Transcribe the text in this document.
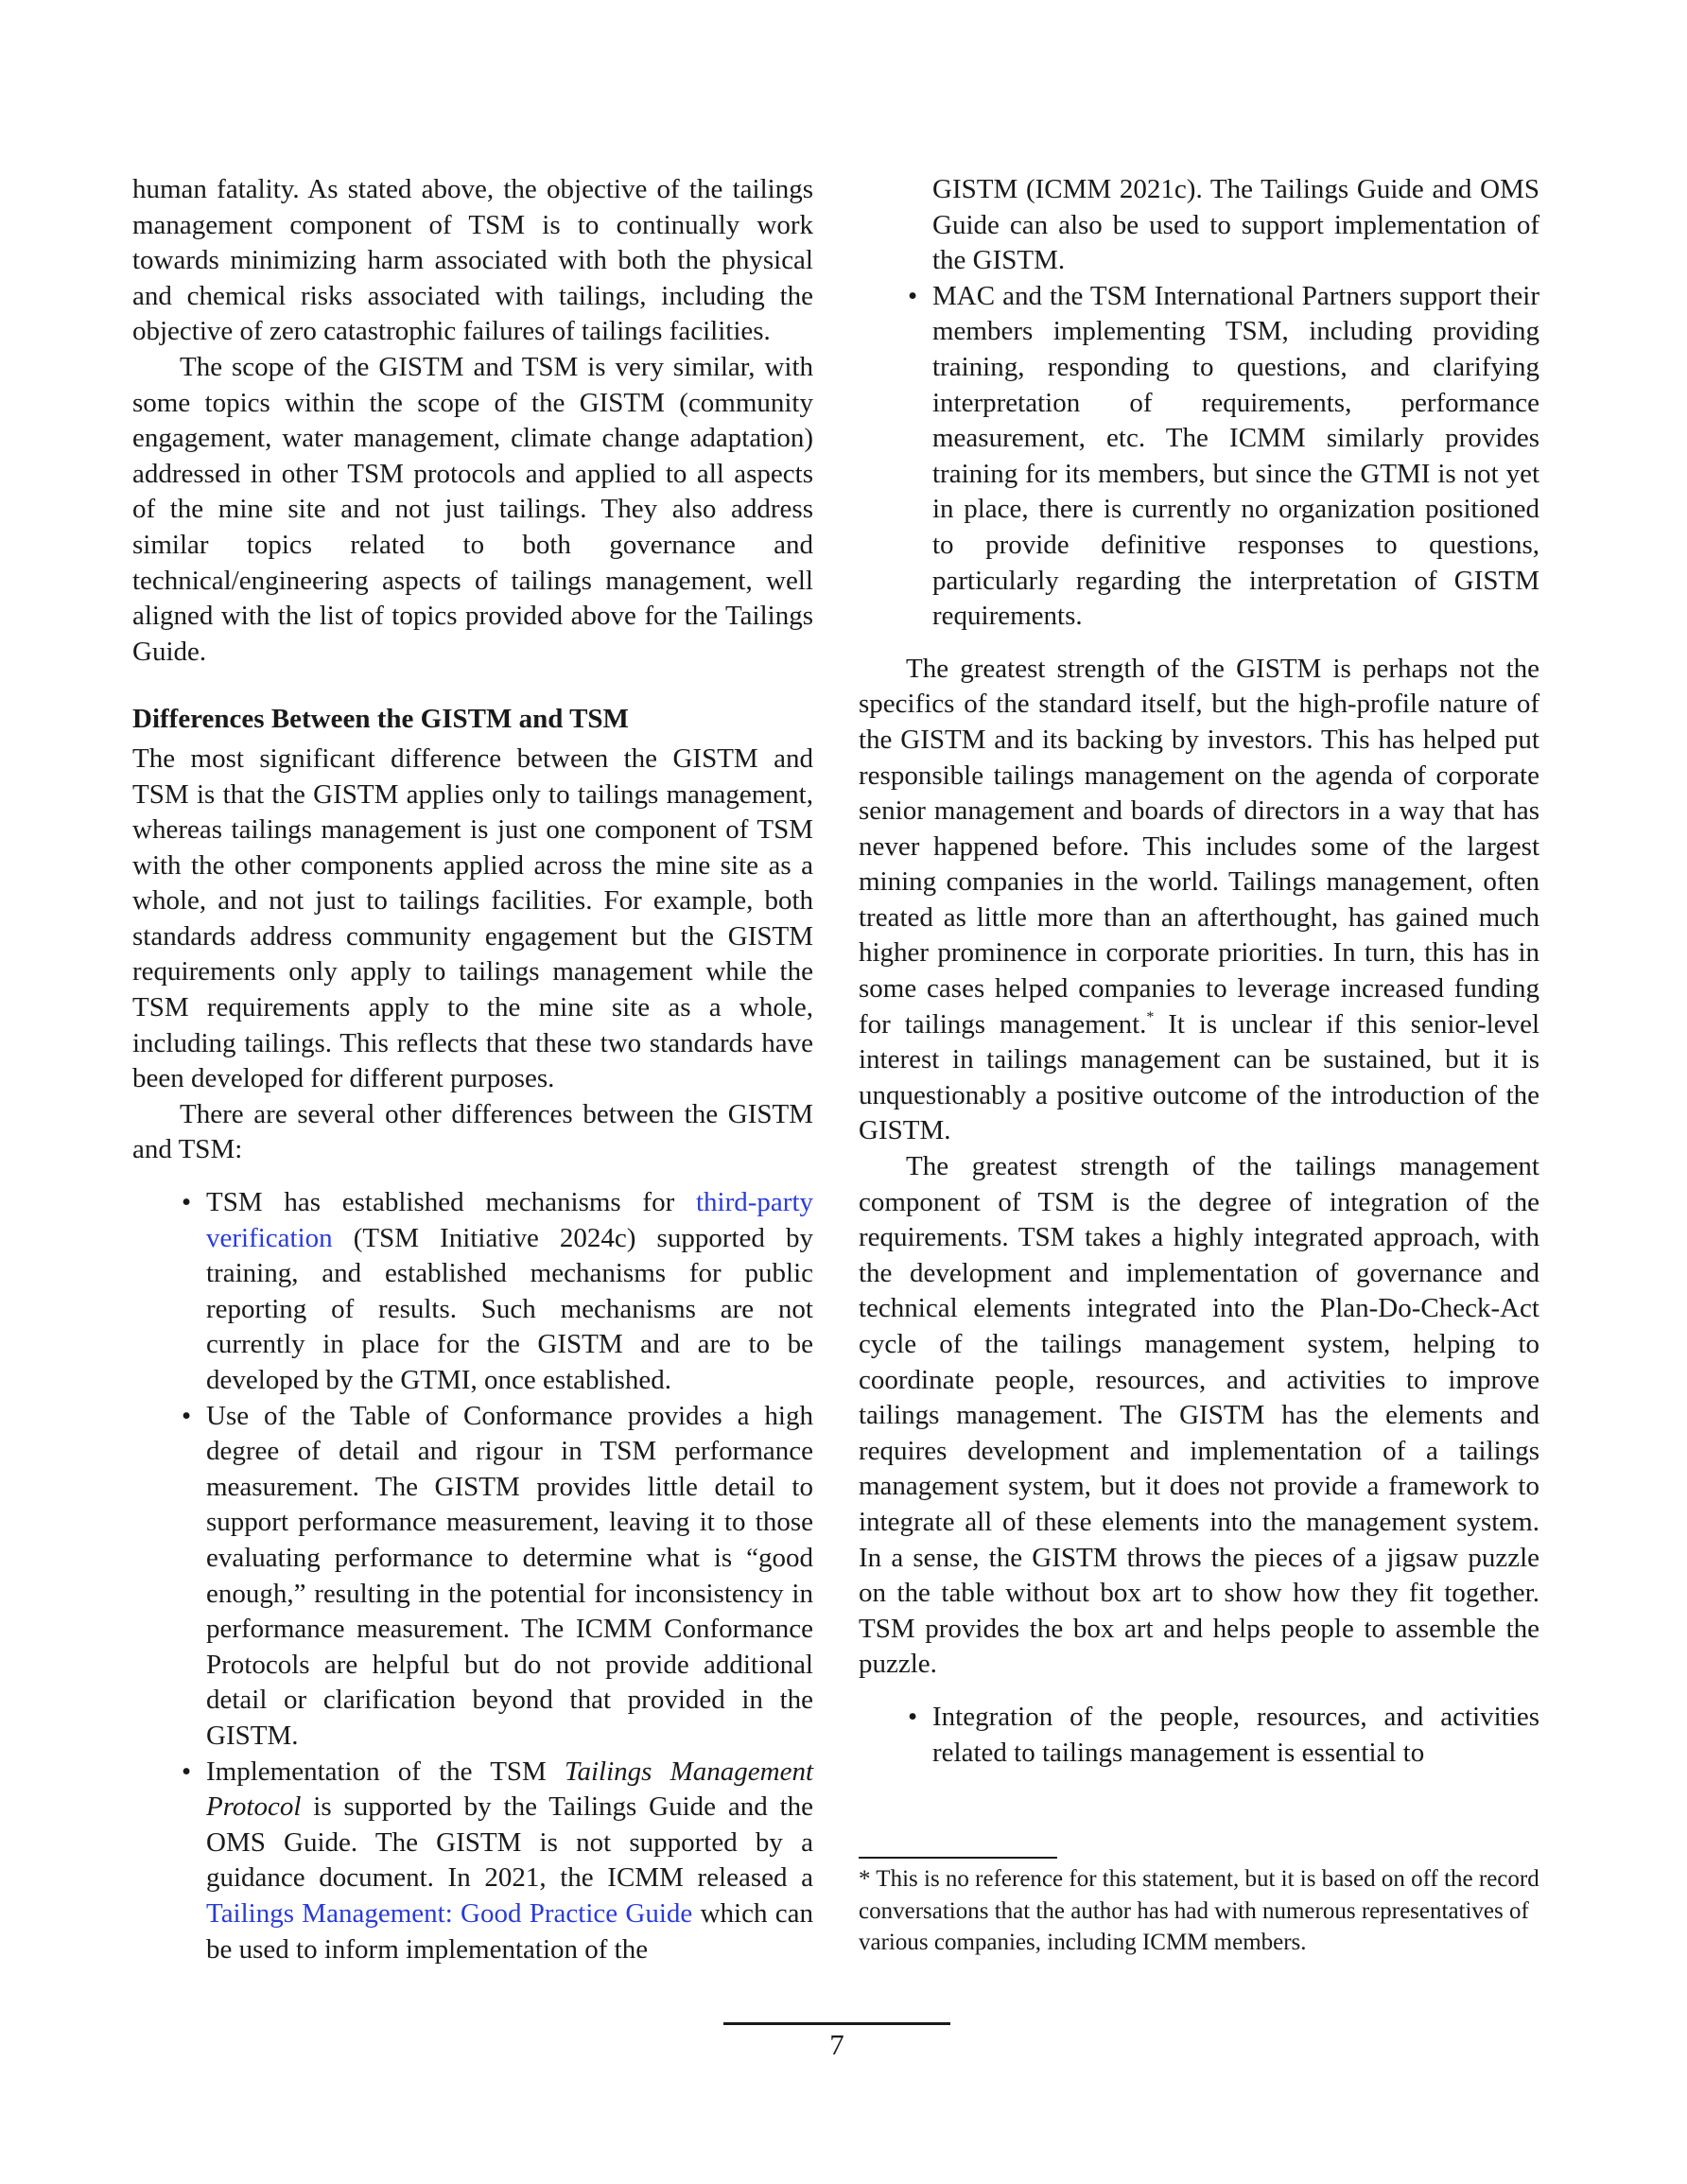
human fatality. As stated above, the objective of the tailings management component of TSM is to continually work towards minimizing harm associated with both the physical and chemical risks associated with tailings, including the objective of zero catastrophic failures of tailings facilities.

The scope of the GISTM and TSM is very similar, with some topics within the scope of the GISTM (community engagement, water management, climate change adaptation) addressed in other TSM protocols and applied to all aspects of the mine site and not just tailings. They also address similar topics related to both governance and technical/engineering aspects of tailings management, well aligned with the list of topics provided above for the Tailings Guide.

Differences Between the GISTM and TSM

The most significant difference between the GISTM and TSM is that the GISTM applies only to tailings management, whereas tailings management is just one component of TSM with the other components applied across the mine site as a whole, and not just to tailings facilities. For example, both standards address community engagement but the GISTM requirements only apply to tailings management while the TSM requirements apply to the mine site as a whole, including tailings. This reflects that these two standards have been developed for different purposes.

There are several other differences between the GISTM and TSM:

• TSM has established mechanisms for third-party verification (TSM Initiative 2024c) supported by training, and established mechanisms for public reporting of results. Such mechanisms are not currently in place for the GISTM and are to be developed by the GTMI, once established.
• Use of the Table of Conformance provides a high degree of detail and rigour in TSM performance measurement. The GISTM provides little detail to support performance measurement, leaving it to those evaluating performance to determine what is “good enough,” resulting in the potential for inconsistency in performance measurement. The ICMM Conformance Protocols are helpful but do not provide additional detail or clarification beyond that provided in the GISTM.
• Implementation of the TSM Tailings Management Protocol is supported by the Tailings Guide and the OMS Guide. The GISTM is not supported by a guidance document. In 2021, the ICMM released a Tailings Management: Good Practice Guide which can be used to inform implementation of the
GISTM (ICMM 2021c). The Tailings Guide and OMS Guide can also be used to support implementation of the GISTM.
• MAC and the TSM International Partners support their members implementing TSM, including providing training, responding to questions, and clarifying interpretation of requirements, performance measurement, etc. The ICMM similarly provides training for its members, but since the GTMI is not yet in place, there is currently no organization positioned to provide definitive responses to questions, particularly regarding the interpretation of GISTM requirements.

The greatest strength of the GISTM is perhaps not the specifics of the standard itself, but the high-profile nature of the GISTM and its backing by investors. This has helped put responsible tailings management on the agenda of corporate senior management and boards of directors in a way that has never happened before. This includes some of the largest mining companies in the world. Tailings management, often treated as little more than an afterthought, has gained much higher prominence in corporate priorities. In turn, this has in some cases helped companies to leverage increased funding for tailings management.* It is unclear if this senior-level interest in tailings management can be sustained, but it is unquestionably a positive outcome of the introduction of the GISTM.

The greatest strength of the tailings management component of TSM is the degree of integration of the requirements. TSM takes a highly integrated approach, with the development and implementation of governance and technical elements integrated into the Plan-Do-Check-Act cycle of the tailings management system, helping to coordinate people, resources, and activities to improve tailings management. The GISTM has the elements and requires development and implementation of a tailings management system, but it does not provide a framework to integrate all of these elements into the management system. In a sense, the GISTM throws the pieces of a jigsaw puzzle on the table without box art to show how they fit together. TSM provides the box art and helps people to assemble the puzzle.

• Integration of the people, resources, and activities related to tailings management is essential to

* This is no reference for this statement, but it is based on off the record conversations that the author has had with numerous representatives of various companies, including ICMM members.

7
